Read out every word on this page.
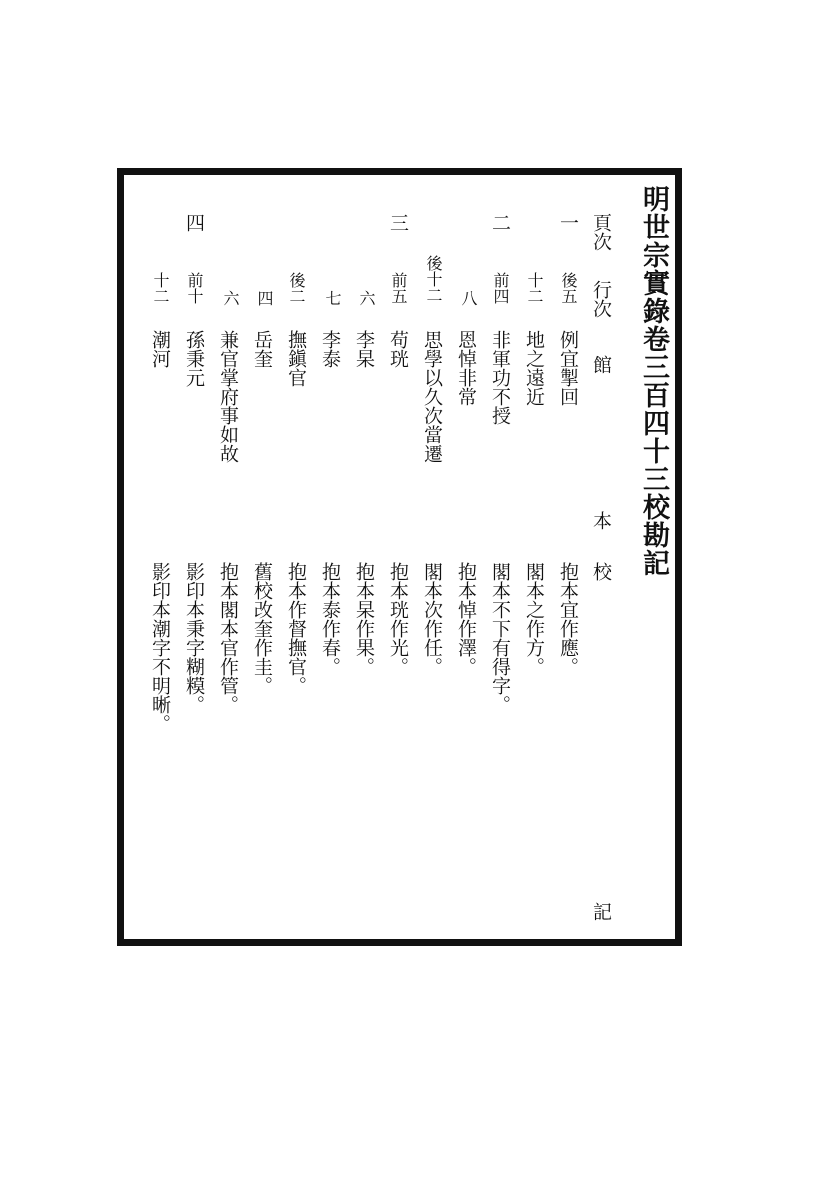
明世宗實錄卷三百四十三校勘記
頁次
行次
館
本
校
記
一
後五
例宜掣回
抱本宜作應。
十二
地之遠近
閣本之作方。
二
前四
非軍功不授
閣本不下有得字。
八
恩悼非常
抱本悼作澤。
後十二
思學以久次當遷
閣本次作任。
三
前五
苟珖
抱本珖作光。
六
李杲
抱本杲作果。
七
李泰
抱本泰作春。
後二
撫鎭官
抱本作督撫官。
四
岳奎
舊校改奎作圭。
六
兼官掌府事如故
抱本閣本官作管。
四
前十
孫秉元
影印本秉字糊糢。
十二
潮河
影印本潮字不明晰。
